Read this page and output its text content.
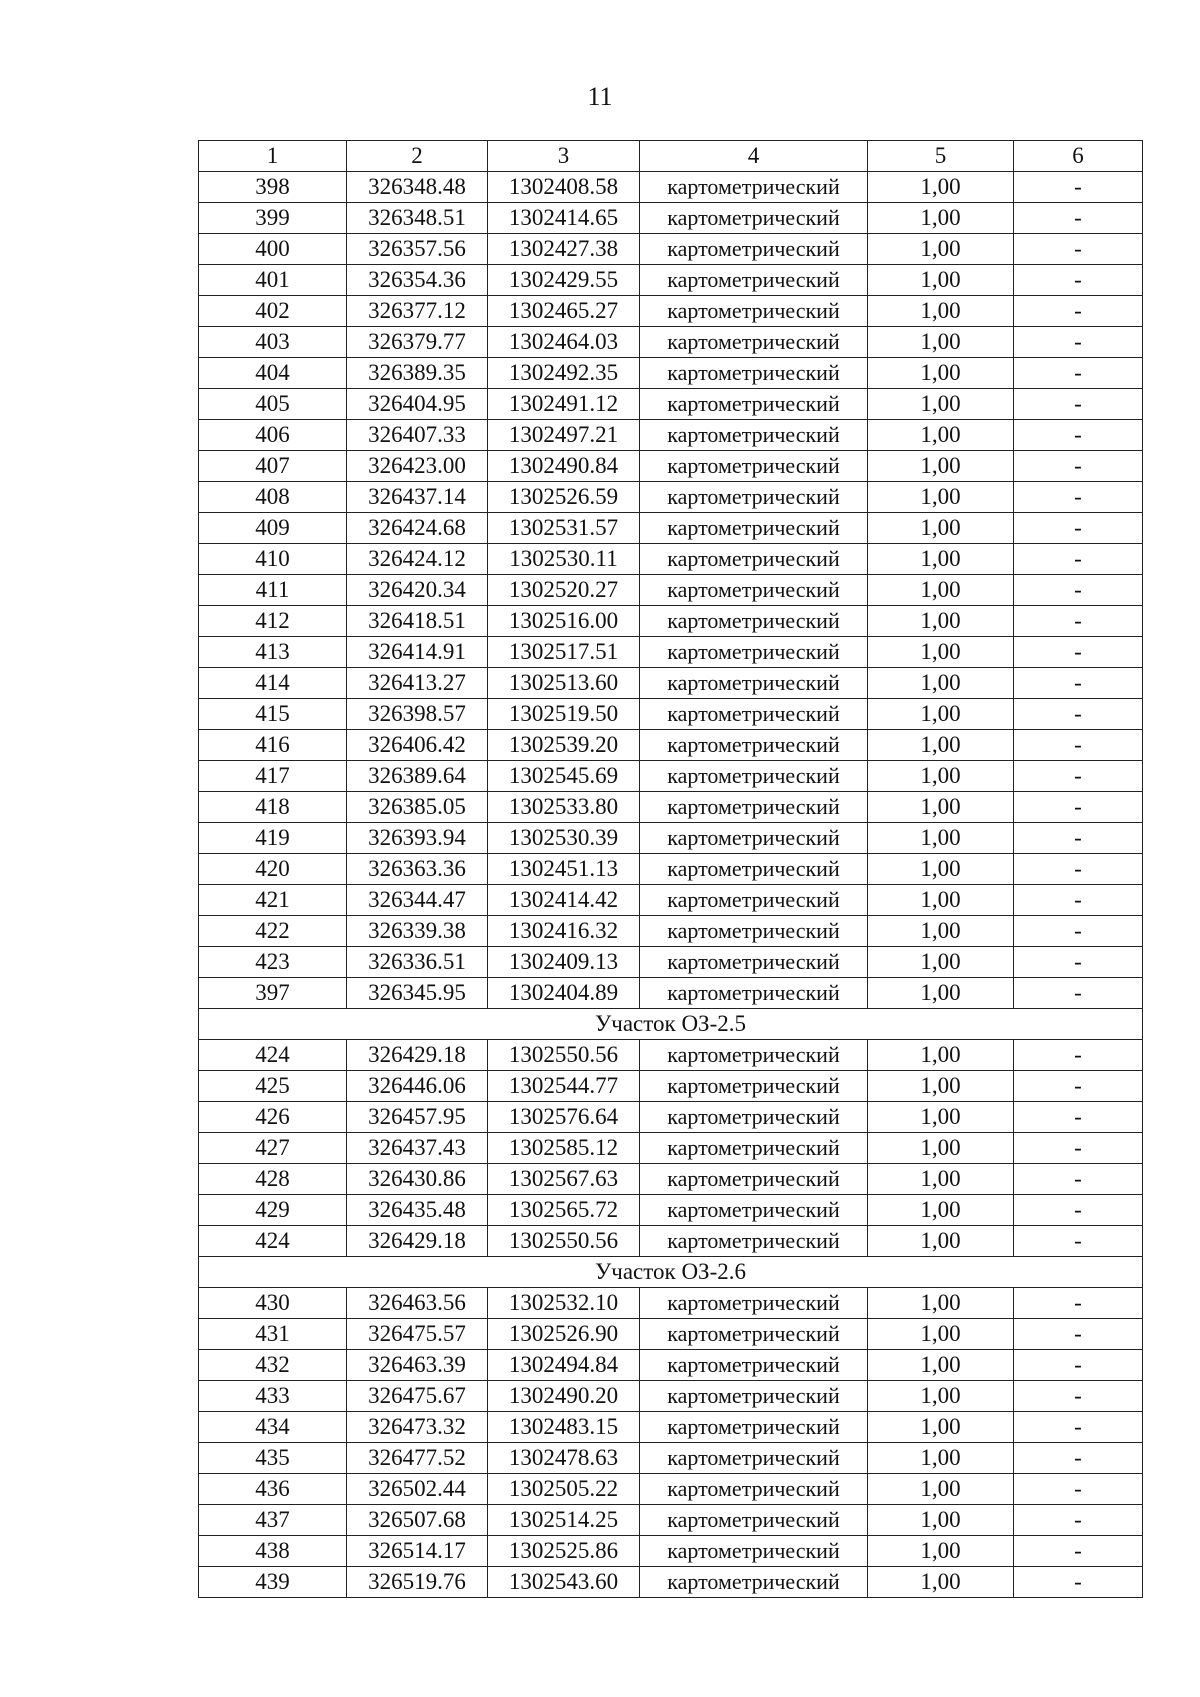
11
1	2	3	4	5	6
398	326348.48	1302408.58	картометрический	1,00	-
399	326348.51	1302414.65	картометрический	1,00	-
400	326357.56	1302427.38	картометрический	1,00	-
401	326354.36	1302429.55	картометрический	1,00	-
402	326377.12	1302465.27	картометрический	1,00	-
403	326379.77	1302464.03	картометрический	1,00	-
404	326389.35	1302492.35	картометрический	1,00	-
405	326404.95	1302491.12	картометрический	1,00	-
406	326407.33	1302497.21	картометрический	1,00	-
407	326423.00	1302490.84	картометрический	1,00	-
408	326437.14	1302526.59	картометрический	1,00	-
409	326424.68	1302531.57	картометрический	1,00	-
410	326424.12	1302530.11	картометрический	1,00	-
411	326420.34	1302520.27	картометрический	1,00	-
412	326418.51	1302516.00	картометрический	1,00	-
413	326414.91	1302517.51	картометрический	1,00	-
414	326413.27	1302513.60	картометрический	1,00	-
415	326398.57	1302519.50	картометрический	1,00	-
416	326406.42	1302539.20	картометрический	1,00	-
417	326389.64	1302545.69	картометрический	1,00	-
418	326385.05	1302533.80	картометрический	1,00	-
419	326393.94	1302530.39	картометрический	1,00	-
420	326363.36	1302451.13	картометрический	1,00	-
421	326344.47	1302414.42	картометрический	1,00	-
422	326339.38	1302416.32	картометрический	1,00	-
423	326336.51	1302409.13	картометрический	1,00	-
397	326345.95	1302404.89	картометрический	1,00	-
Участок ОЗ-2.5					
424	326429.18	1302550.56	картометрический	1,00	-
425	326446.06	1302544.77	картометрический	1,00	-
426	326457.95	1302576.64	картометрический	1,00	-
427	326437.43	1302585.12	картометрический	1,00	-
428	326430.86	1302567.63	картометрический	1,00	-
429	326435.48	1302565.72	картометрический	1,00	-
424	326429.18	1302550.56	картометрический	1,00	-
Участок ОЗ-2.6					
430	326463.56	1302532.10	картометрический	1,00	-
431	326475.57	1302526.90	картометрический	1,00	-
432	326463.39	1302494.84	картометрический	1,00	-
433	326475.67	1302490.20	картометрический	1,00	-
434	326473.32	1302483.15	картометрический	1,00	-
435	326477.52	1302478.63	картометрический	1,00	-
436	326502.44	1302505.22	картометрический	1,00	-
437	326507.68	1302514.25	картометрический	1,00	-
438	326514.17	1302525.86	картометрический	1,00	-
439	326519.76	1302543.60	картометрический	1,00	-
